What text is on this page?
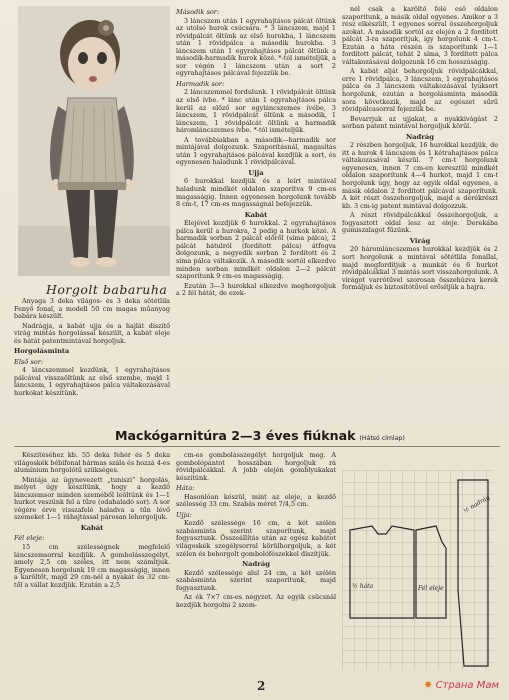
Horgolt babaruha

Anyaga 3 deka világos- és 3 deka sötétlila Fenyő fonal, a modell 50 cm magas műanyag babára készült.

Nadrágja, a kabát ujja és a hajlát díszítő virág mintás horgolással készült, a kabát eleje és hátát patentmintával horgoljuk.

Horgolásminta
Első sor:

4 láncszemmel kezdünk, 1 egyrahajtásos pálcával visszaöltünk az első szembe, majd 1 láncszem, 1 egyrahajtásos pálca váltakozásával hurkokat készítünk.

Második sor:

3 láncszem után 1 egyrahajtásos pálcát öltünk az utolsó hurok csúcsára. * 3 láncszem, majd 1 rövidpálcát öltünk az első hurokba, 1 láncszem után 1 rövidpálca a második hurokba. 3 láncszem után 1 egyrahajtásos pálcát öltünk a második-harmadik hurok közé. *-tól ismételjük, a sor végén 1 láncszem után a sort 2 egyrahajtásos pálcával fejezzük be.

Harmadik sor:

2 láncszemmel fordulunk. 1 rövidpálcát öltünk az első ívbe. * lánc után 1 egyrahajtásos pálca kerül az előző sor egyláncszemes ívébe, 3 láncszem, 1 rövidpálcát öltünk a második, 1 láncszem, 1 rövidpálcát öltünk a harmadik háromláncszemes ívbe. *-tól ismételjük.

A továbbiakban a második—harmadik sor mintájával dolgozunk. Szaporításnál, magasítás után 1 egyrahajtásos pálcával kezdjük a sort, és egyenesen haladunk 1 rövidpálcával.

Ujja

6 hurokkal kezdjük és a leírt mintával haladunk mindkét oldalon szaporítva 9 cm-es magasságig. Innen egyenesen horgolunk tovább 8 cm-t, 17 cm-es magasságnál befejezzük.

Kabát

Elejével kezdjük 6 hurokkal. 2 egyrahajtásos pálca kerül a hurokra, 2 pedig a hurkok közé. A harmadik sorban 2 pálcát előről (síma pálca), 2 pálcát hátulról (fordított pálca) átfogva dolgozunk, a negyedik sorban 2 fordított és 2 síma pálca váltakozik. A második sortól elkezdve minden sorban mindkét oldalon 2—2 pálcát szaporítunk 9 cm-es magasságig.

Ezután 3—3 hurokkal elkezdve meghorgoljuk a 2 fél hátát, de ezek-

nél csak a karöltő felé eső oldalon szaporítunk, a másik oldal egyenes. Amikor a 3 rész elkészült, 1 egyenes sorral összehorgoljuk azokat. A második sortól az elején a 2 fordított pálcát 3-ra szaporítjuk, így horgolunk 4 cm-t. Ezután a háta részén is szaporítunk 1—1 fordított pálcát, tehát 2 síma, 3 fordított pálca váltakozásával dolgozunk 16 cm hosszúságig.

A kabát alját behorgoljuk rövidpálcákkal, erre 1 rövidpálca, 3 láncszem, 1 egyrahajtásos pálca és 3 láncszem váltakozásával lyuksort horgolunk, ezután a horgolásminta második sora következik, majd az egészet sűrű rövidpálcasorral fejezzük be.

Bevarrjuk az ujjakat, a nyakkivágást 2 sorban patent mintával horgoljuk körül.

Nadrág

2 részben horgoljuk, 16 hurokkal kezdjük, de itt a hurok 4 láncszem és 1 kétrahajtásos pálca váltakozásával készül. 7 cm-t horgolunk egyenesen, innen 7 cm-en keresztül mindkét oldalon szaporítunk 4—4 hurkot, majd 1 cm-t horgolunk úgy, hogy az egyik oldal egyenes, a másik oldalon 2 fordított pálcával szaporítunk. A két részt összehorgoljuk, majd a derékrészt kb. 3 cm-ig patent mintával dolgozzuk.

A részt rövidpálcákkal összehorgoljuk, a fogyasztott oldal lesz az eleje. Derekába gumiszalagot fűzünk.

Virág

20 háromláncszemes hurokkal kezdjük és 2 sort horgolunk a mintával sötétlila fonallal, majd megfordítjuk a munkát és 6 hurkot rövidpálcákkal 3 mintás sort visszahorgolunk. A virágot varrótűvel szorosan összehúzva kerek formáljuk és biztosítótűvel erősítjük a hajra.

Mackógarnitúra 2—3 éves fiúknak (Hátsó címlap)

Készítéséhez kb. 55 deka fehér és 5 deka világoskék bébifonal hármas szála és hozzá 4-es alumínium horgolótű szükséges.

Mintája az úgynevezett „tuniszi” horgolás, melyet úgy készítünk, hogy a kezdő láncszemsor minden szeméből leöltünk és 1—1 hurkot veszünk fel a tűre (odahaladó sor). A sor végére érve visszafelé haladva a tűn lévő szemeket 1—1 ráhajtással párosan lehorgoljuk.

Kabát
Fél eleje:

15 cm szélességnek megfelelő láncszemsorral kezdjük. A gombolásszegélyt, amely 2,5 cm széles, itt nem számítjuk. Egyenesen horgolunk 19 cm magasságig, innen a karöltőt, majd 29 cm-nél a nyakát és 32 cm-től a vállat kezdjük. Ezután a 2,5

cm-es gombolásszegélyt horgoljuk meg. A gombolópántot hosszában horgoljuk rá rövidpálcákkal. A jobb elején gomblyukakat készítünk.

Háta:

Hasonlóan készül, mint az eleje, a kezdő szélesség 33 cm. Szabás méret 7/4,5 cm.

Ujja:

Kezdő szélessége 16 cm, a két szélén szabásminta szerint szaporítunk, majd fogyasztunk. Összeállítás után az egész kabátot világoskék szegélysorral körülhorgoljuk, a két szélen és behorgolt gombolófészekkel díszítjük.

Nadrág

Kezdő szélessége alul 24 cm, a két szélén szabásminta szerint szaporítunk, majd fogyasztunk.

Az ék 7×7 cm-es négyzet. Az egyik csücsnál kezdjük horgolni 2 szem-

½ háta	Fél eleje
½ nadrág
2	✸ Страна Мам
